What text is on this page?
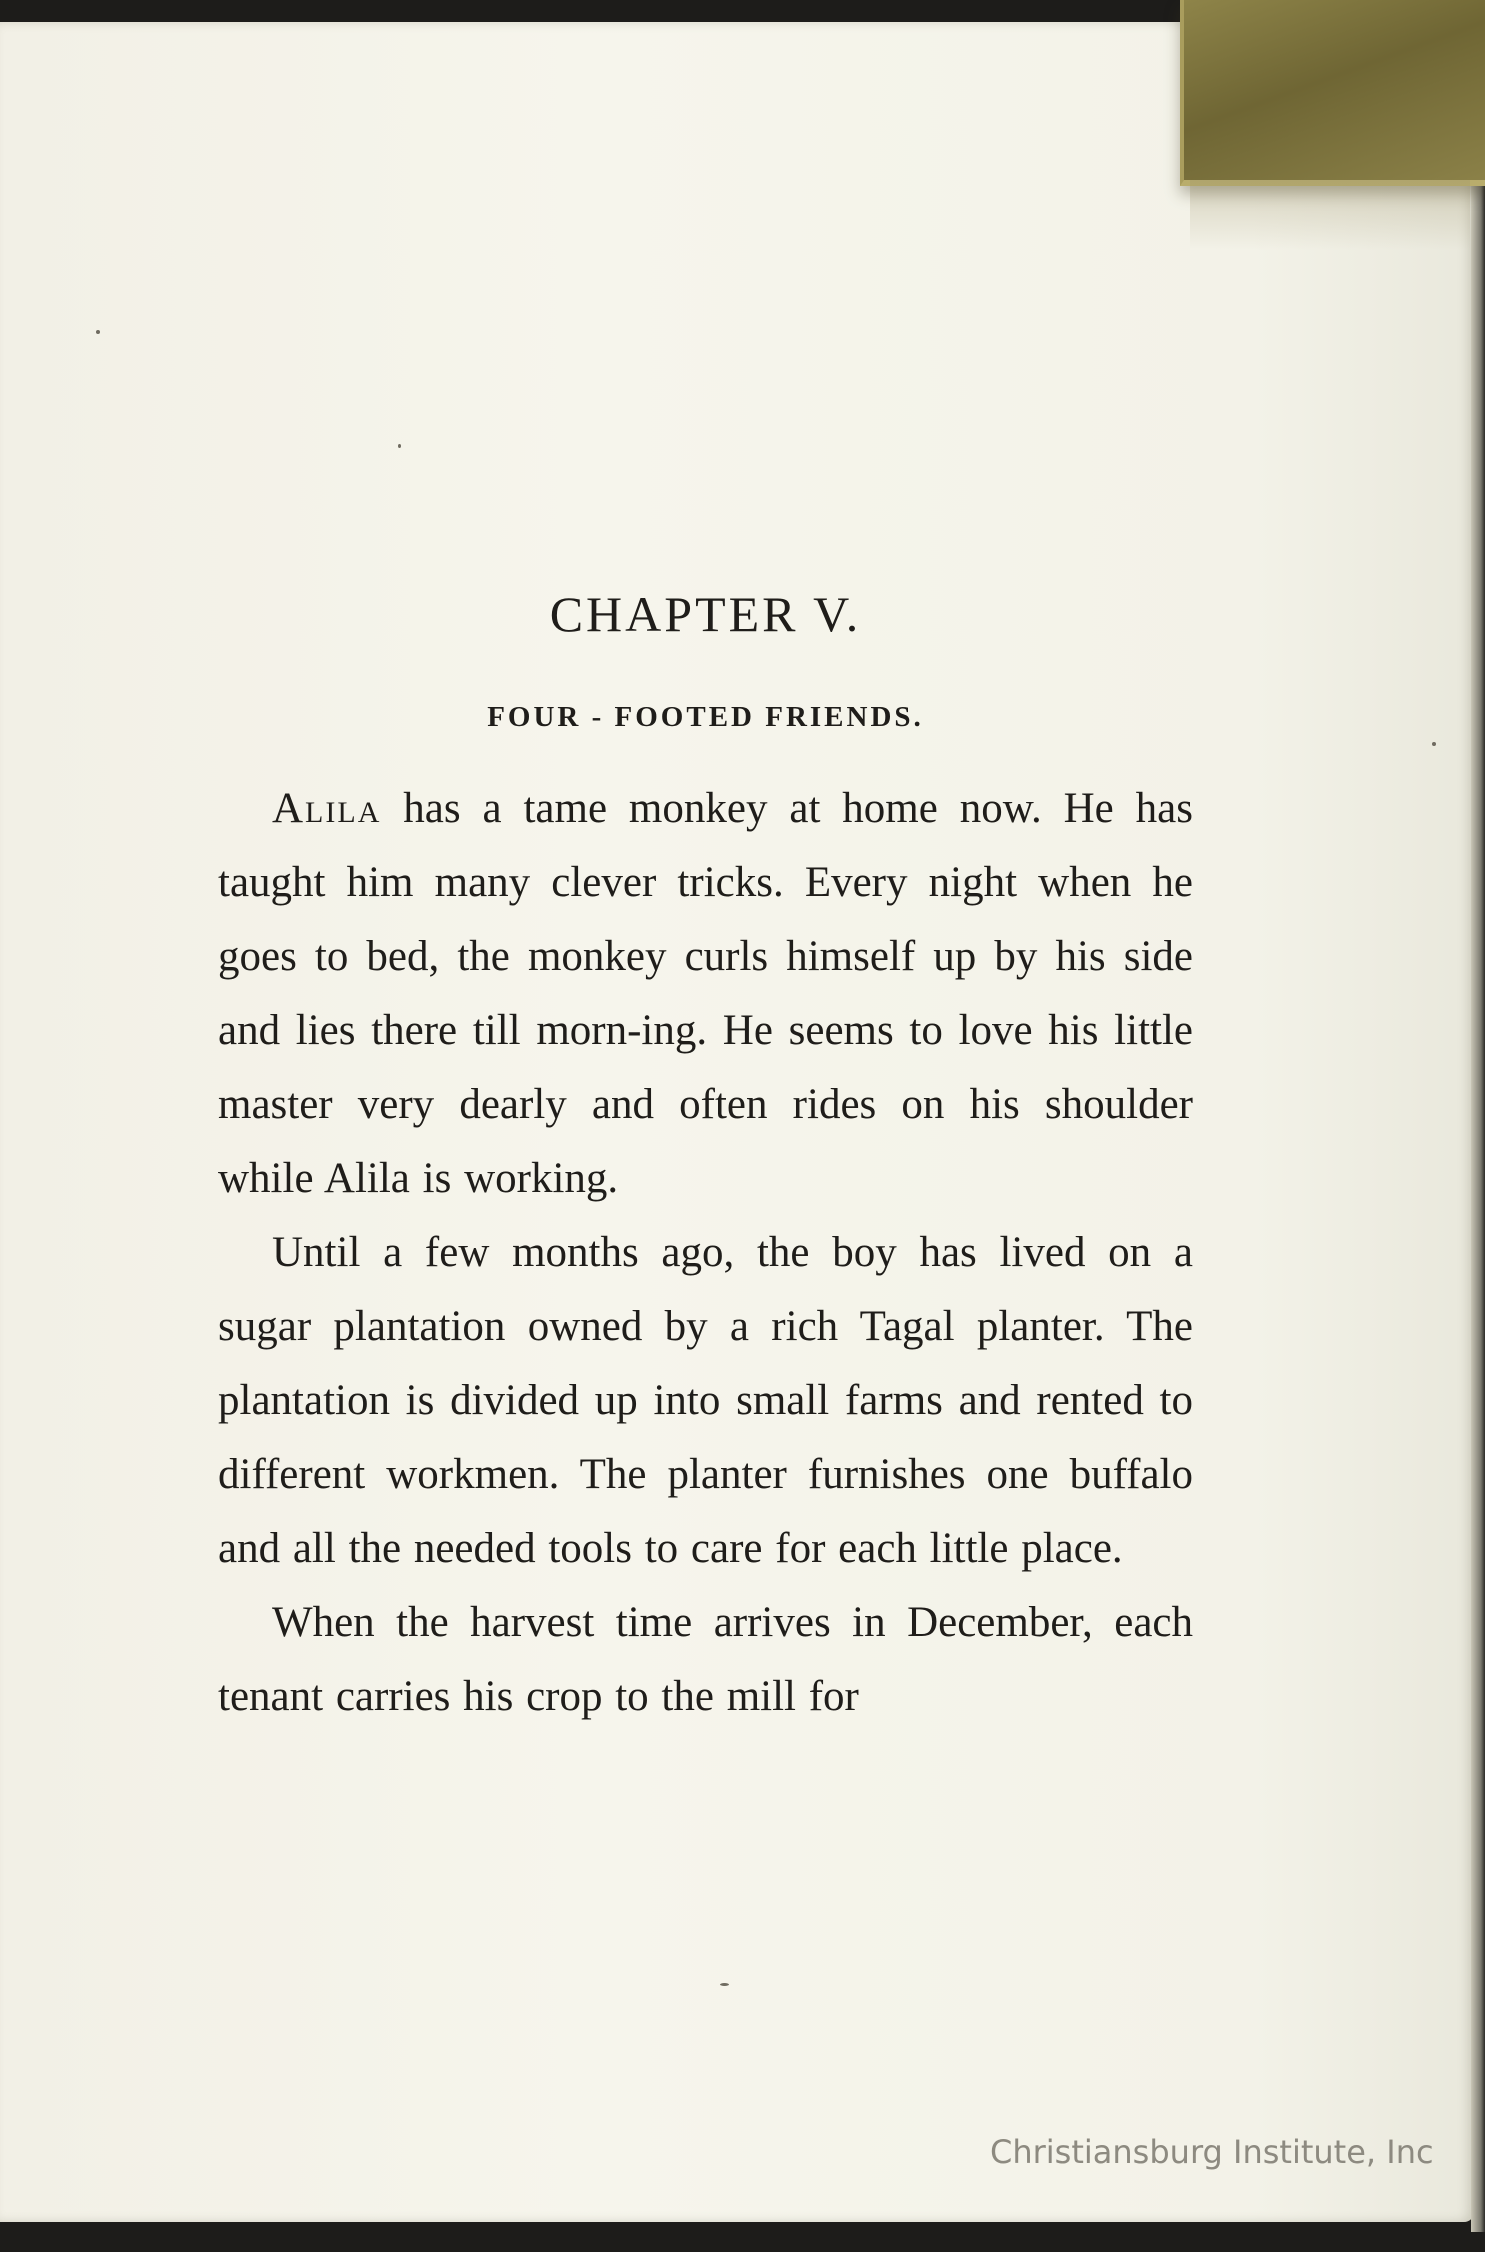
CHAPTER V.
FOUR - FOOTED FRIENDS.

Alila has a tame monkey at home now. He has taught him many clever tricks. Every night when he goes to bed, the monkey curls himself up by his side and lies there till morn-ing. He seems to love his little master very dearly and often rides on his shoulder while Alila is working.

Until a few months ago, the boy has lived on a sugar plantation owned by a rich Tagal planter. The plantation is divided up into small farms and rented to different workmen. The planter furnishes one buffalo and all the needed tools to care for each little place.

When the harvest time arrives in December, each tenant carries his crop to the mill for

Christiansburg Institute, Inc
